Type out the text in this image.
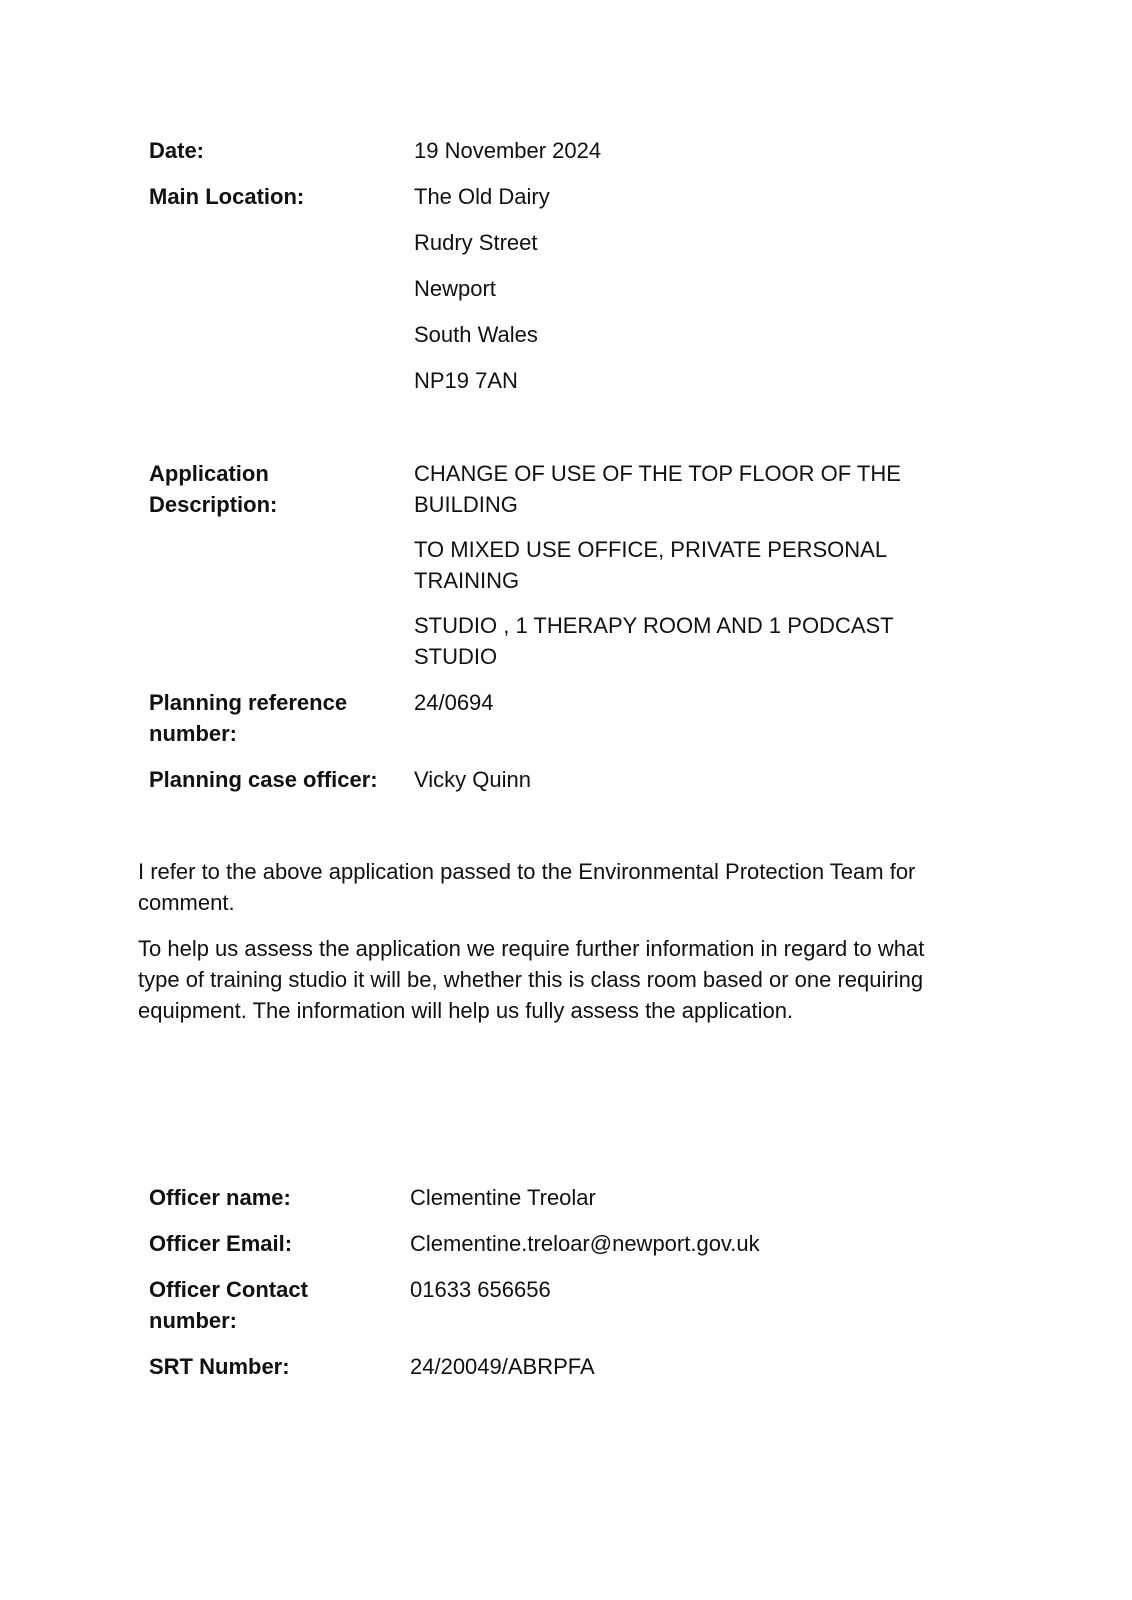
Date:	19 November 2024
Main Location:	The Old Dairy
Rudry Street
Newport
South Wales
NP19 7AN
Application
Description:
CHANGE OF USE OF THE TOP FLOOR OF THE
BUILDING
TO MIXED USE OFFICE, PRIVATE PERSONAL
TRAINING
STUDIO , 1 THERAPY ROOM AND 1 PODCAST
STUDIO
Planning reference
number:
24/0694
Planning case officer: Vicky Quinn
I refer to the above application passed to the Environmental Protection Team for
comment.
To help us assess the application we require further information in regard to what
type of training studio it will be, whether this is class room based or one requiring
equipment. The information will help us fully assess the application.
Officer name:	Clementine Treolar
Officer Email:	Clementine.treloar@newport.gov.uk
Officer Contact
number:
01633 656656
SRT Number:	24/20049/ABRPFA
